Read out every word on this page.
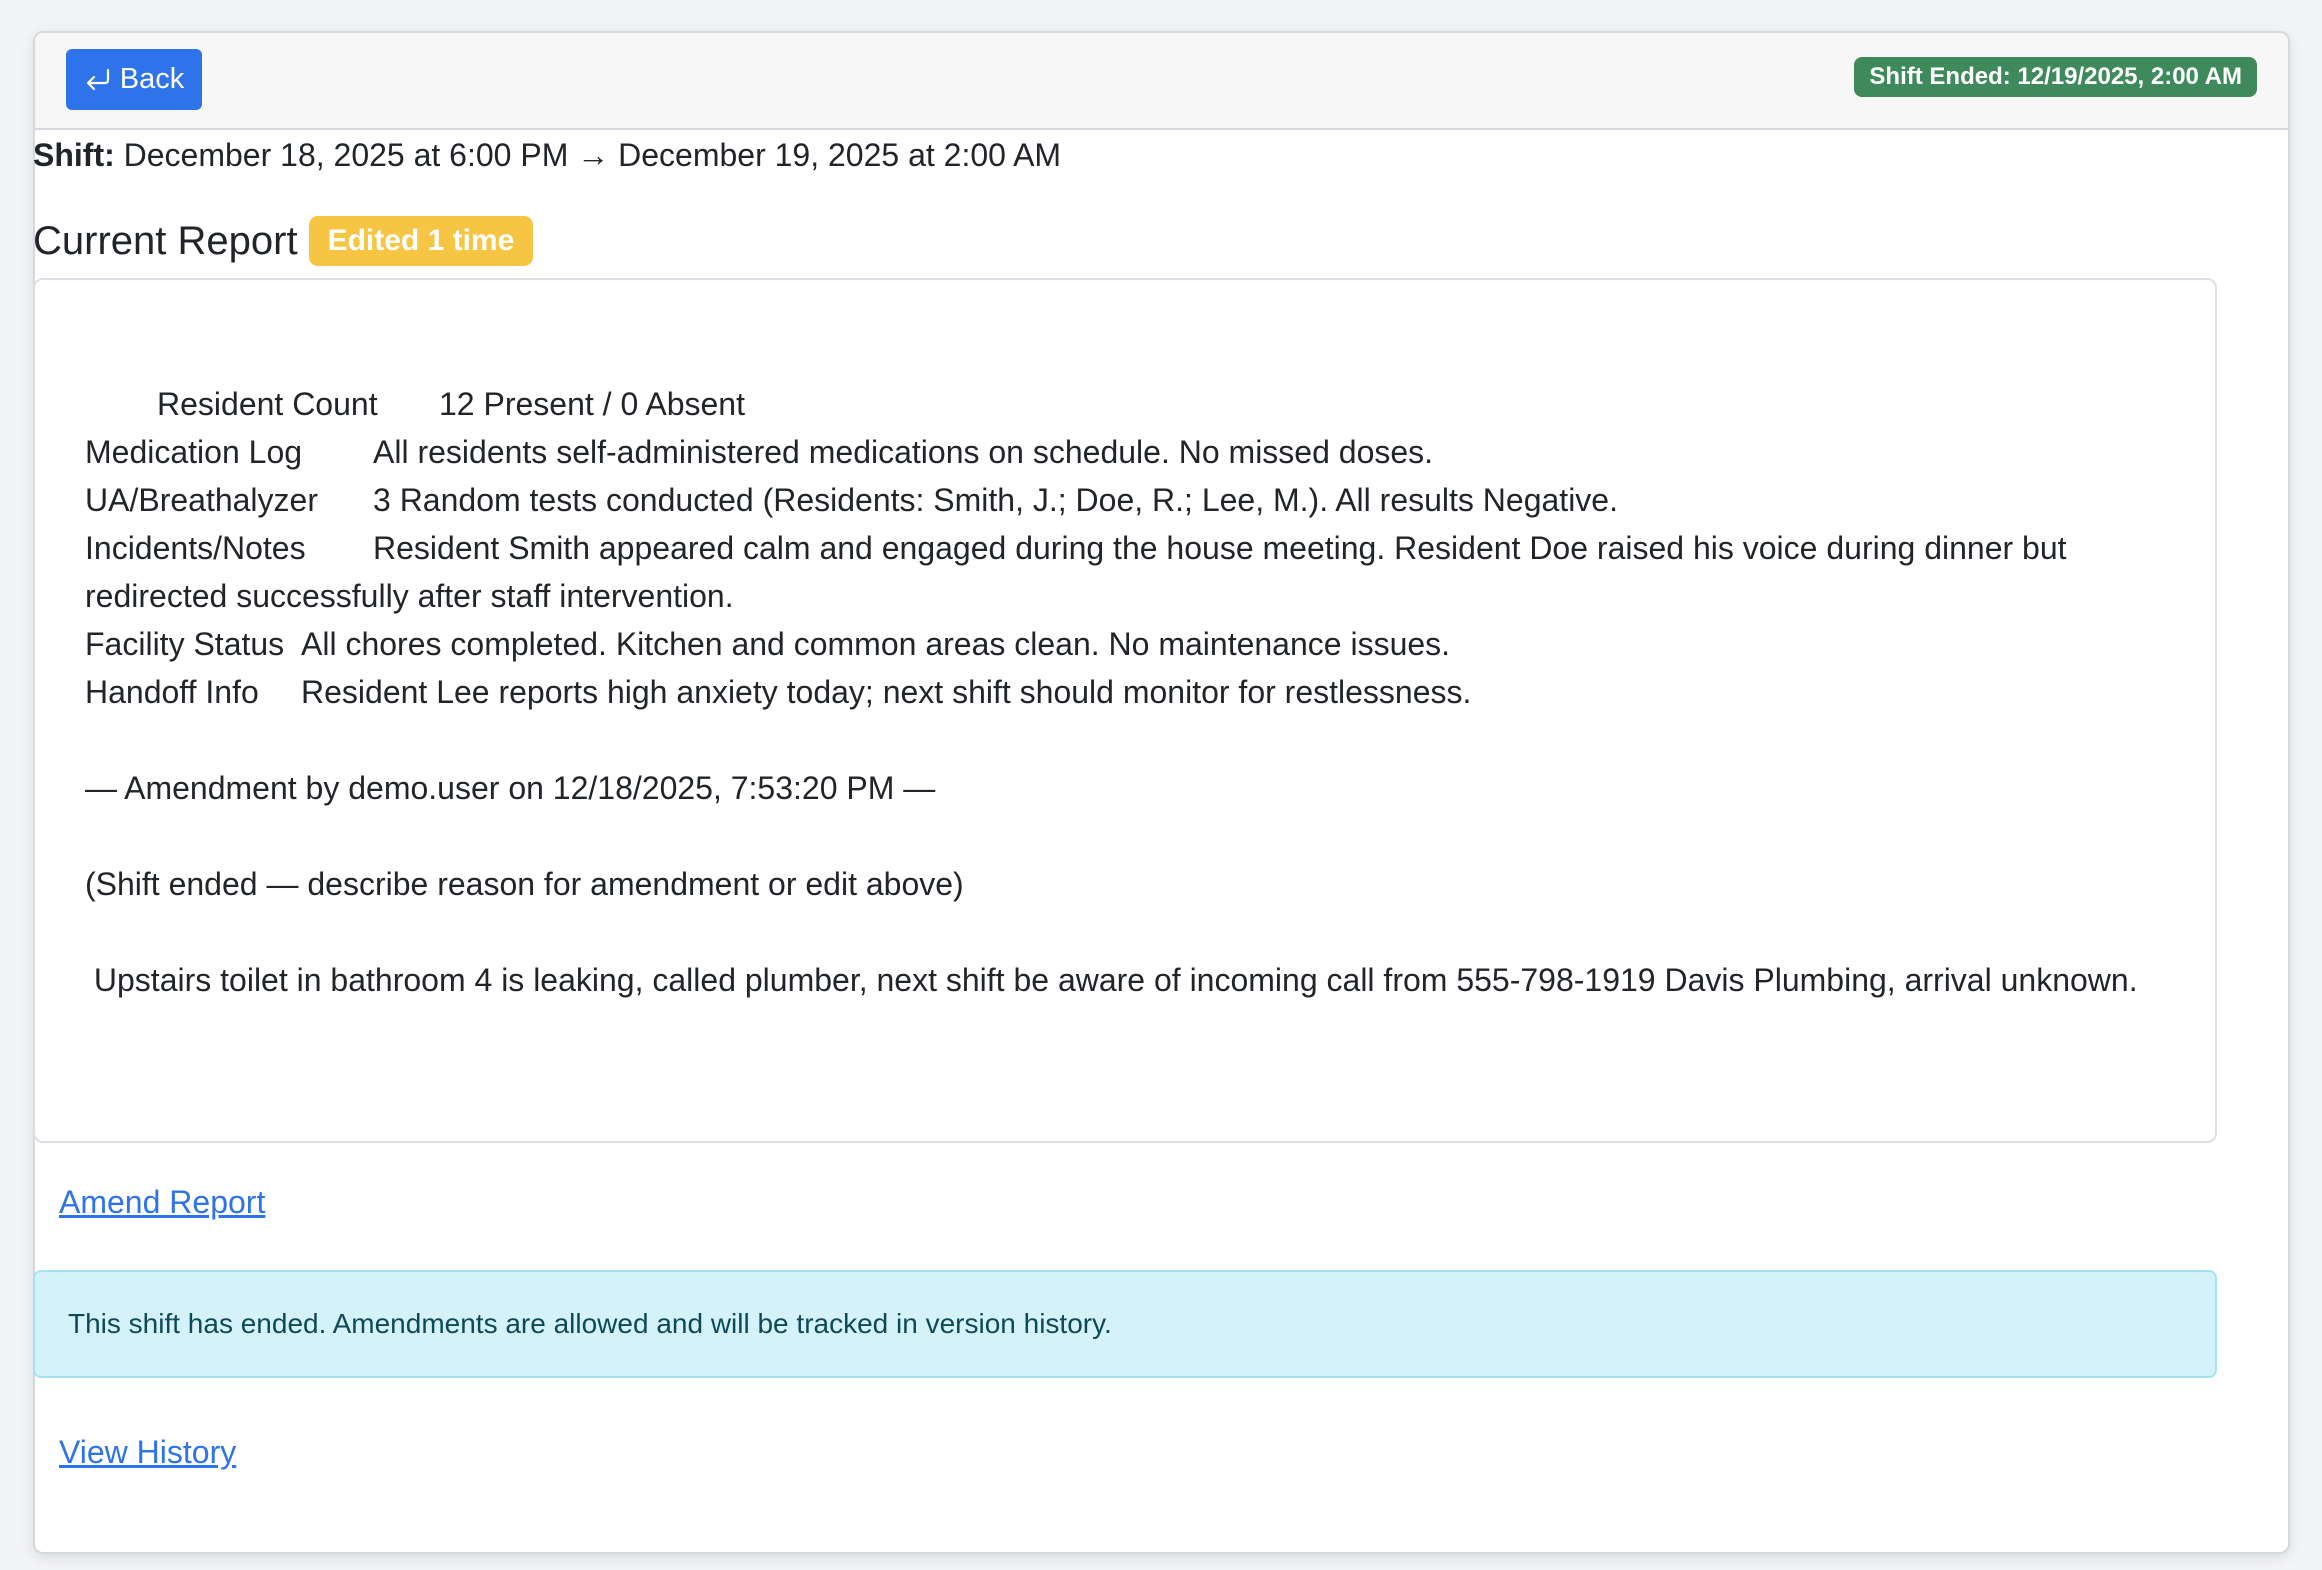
Back	Shift Ended: 12/19/2025, 2:00 AM
Shift: December 18, 2025 at 6:00 PM → December 19, 2025 at 2:00 AM
Current Report	Edited 1 time
Resident Count 12 Present / 0 Absent
Medication Log All residents self-administered medications on schedule. No missed doses.
UA/Breathalyzer 3 Random tests conducted (Residents: Smith, J.; Doe, R.; Lee, M.). All results Negative.
Incidents/Notes Resident Smith appeared calm and engaged during the house meeting. Resident Doe raised his voice during dinner but redirected successfully after staff intervention.
Facility Status All chores completed. Kitchen and common areas clean. No maintenance issues.
Handoff Info Resident Lee reports high anxiety today; next shift should monitor for restlessness.
— Amendment by demo.user on 12/18/2025, 7:53:20 PM —
(Shift ended — describe reason for amendment or edit above)
Upstairs toilet in bathroom 4 is leaking, called plumber, next shift be aware of incoming call from 555-798-1919 Davis Plumbing, arrival unknown.
Amend Report
This shift has ended. Amendments are allowed and will be tracked in version history.
View History
